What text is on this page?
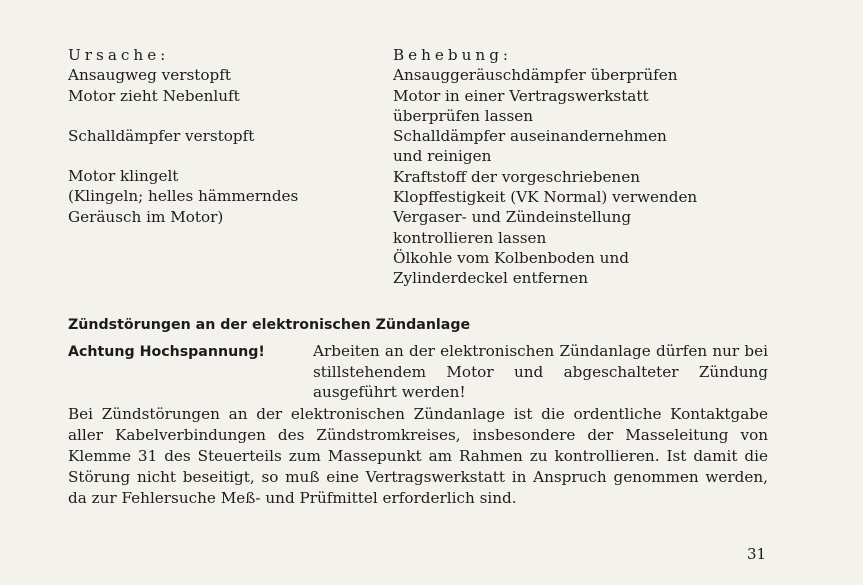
Ursache:
Ansaugweg verstopft
Motor zieht Nebenluft
Schalldämpfer verstopft
Motor klingelt
(Klingeln; helles hämmerndes
Geräusch im Motor)
Behebung:
Ansauggeräuschdämpfer überprüfen
Motor in einer Vertragswerkstatt
überprüfen lassen
Schalldämpfer auseinandernehmen
und reinigen
Kraftstoff der vorgeschriebenen
Klopffestigkeit (VK Normal) verwenden
Vergaser- und Zündeinstellung
kontrollieren lassen
Ölkohle vom Kolbenboden und
Zylinderdeckel entfernen
Zündstörungen an der elektronischen Zündanlage
Achtung Hochspannung!	Arbeiten an der elektronischen Zündanlage dürfen nur bei stillstehendem Motor und abgeschalteter Zündung ausgeführt werden!
Bei Zündstörungen an der elektronischen Zündanlage ist die ordentliche Kontaktgabe aller Kabelverbindungen des Zündstromkreises, insbesondere der Masseleitung von Klemme 31 des Steuerteils zum Massepunkt am Rahmen zu kontrollieren. Ist damit die Störung nicht beseitigt, so muß eine Vertragswerkstatt in Anspruch genommen werden, da zur Fehlersuche Meß- und Prüfmittel erforderlich sind.
31
